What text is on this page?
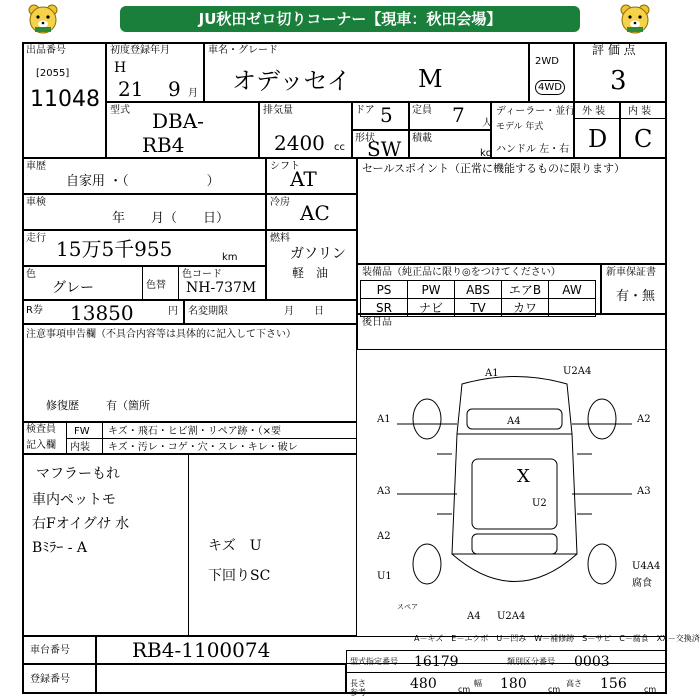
JU秋田ゼロ切りコーナー【現車：秋田会場】
出品番号
[2055]
11048
初度登録年月
H
21 9 月
車名・グレード
オデッセイ	M
2WD
4WD
評 価 点
3
型式 DBA-
RB4
排気量
2400 cc
ドア 5 定員 7 人
ディーラー・並行
モデル 年式
形状
SW 積載
kg ハンドル 左・右
外 装 内 装
D C
車歴
自家用 ・（　　　　　　）
シフト
AT	セールスポイント（正常に機能するものに限ります）
車検
年　　月（　　日）
冷房 AC
走行 15万5千955	km
燃料
ガソリン
軽　油
色
グレー	色替
色コード
NH-737M
装備品（純正品に限り◎をつけてください）
PS	PW	ABS	エアB	AW
SR	ナビ	TV	カワ	
新車保証書
有・無
R券 13850	円 名変期限	月　　日
後日品
注意事項申告欄（不具合内容等は具体的に記入して下さい）
修復歴 有（箇所
検査員
記入欄
FW
内装
キズ・飛石・ヒビ割・リペア跡・（×要
キズ・汚レ・コゲ・穴・スレ・キレ・破レ
マフラーもれ
車内ペットモ
右Fオイグｲﾅ 水
Bﾐﾗｰ - A	キズ　U
下回りSC
A1	U2A4
A1	A2
X
A3
U2
A2
A3
A4
U1
U2A4
A4
U4A4
腐食
スペア
A－キズ　E－エクボ　U－凹み　W－補修跡　S－サビ　C－腐食　XX－交換済
車台番号	RB4-1100074
登録番号
型式指定番号 16179	類別区分番号 0003
長さ
参考
480	cm
幅 180	cm
高さ 156 cm
